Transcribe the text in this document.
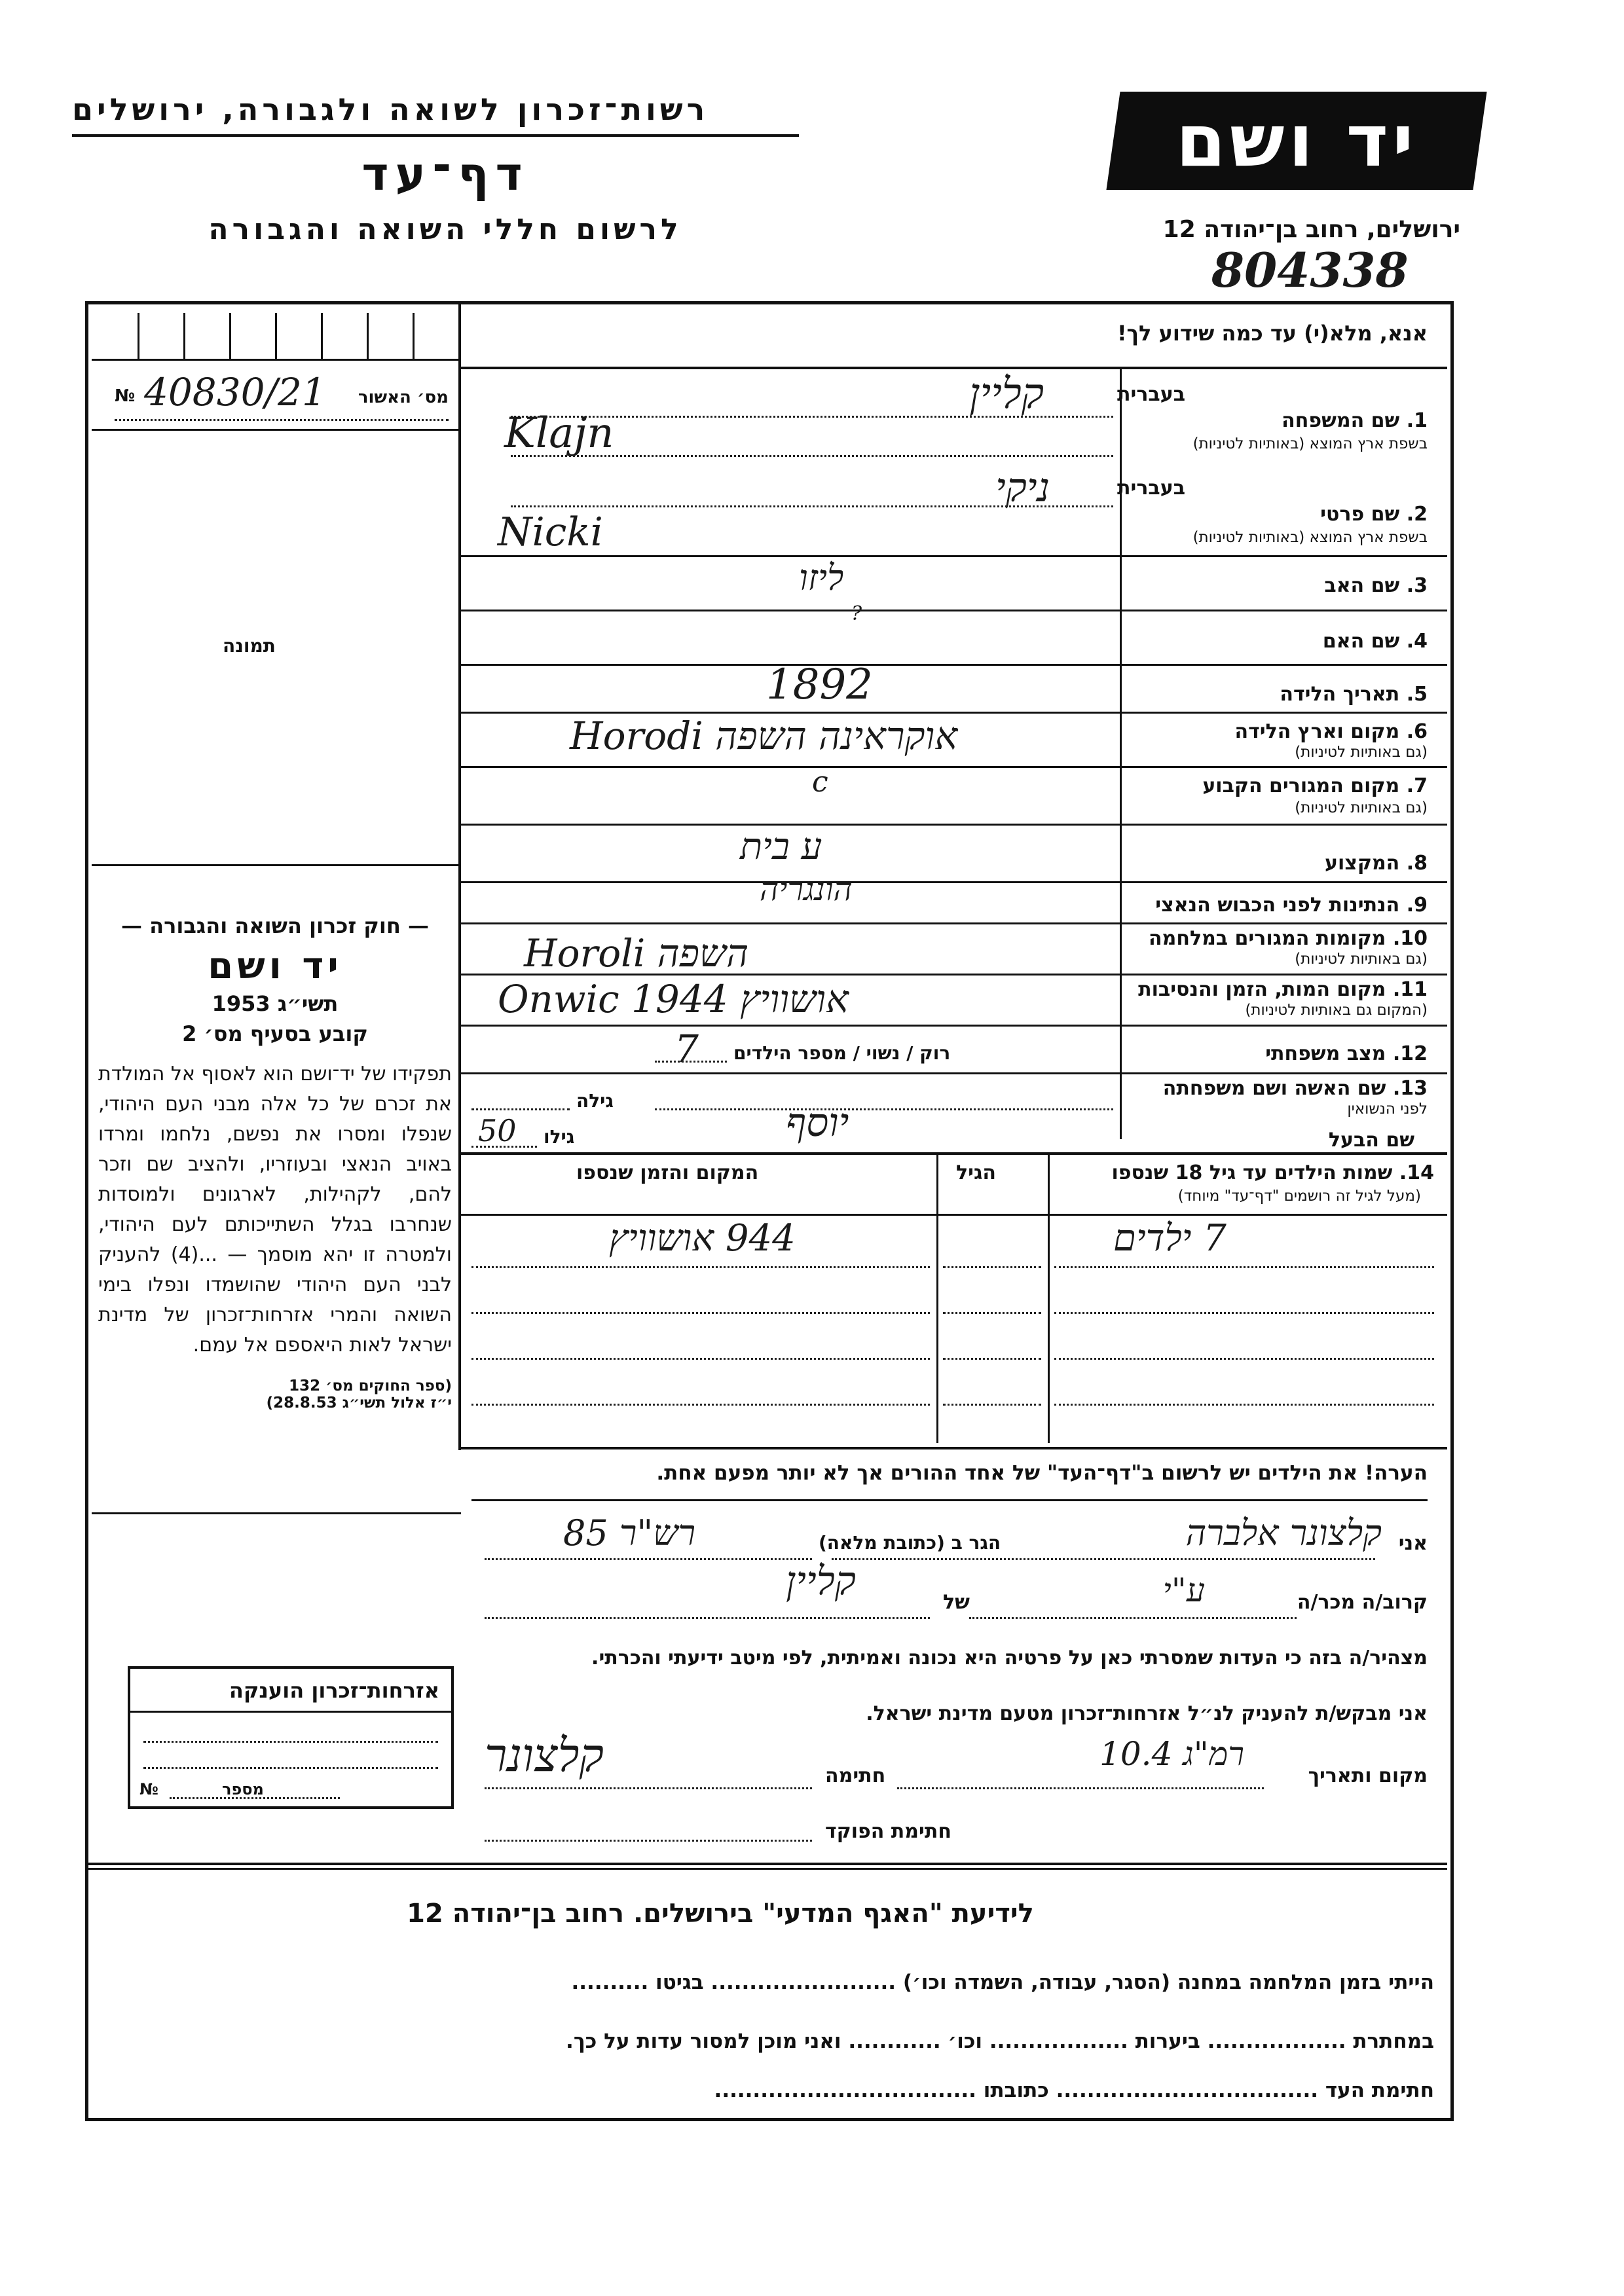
רשות־זכרון לשואה ולגבורה, ירושלים
דף־עד
לרשום חללי השואה והגבורה
יד ושם
ירושלים, רחוב בן־יהודה 12
804338
№ 40830/21 מס׳ האשור
תמונה
אנא, מלא(י) עד כמה שידוע לך!
בעברית
1. שם המשפחה
בשפת ארץ המוצא (באותיות לטיניות)
קליין
Klajn
בעברית
2. שם פרטי
בשפת ארץ המוצא (באותיות לטיניות)
ניקי
Nicki
3. שם האב
ליזו
4. שם האם
?
5. תאריך הלידה
1892
6. מקום וארץ הלידה
(גם באותיות לטיניות)
Horodi אוקראינה השפה
7. מקום המגורים הקבוע
(גם באותיות לטיניות)
c
8. המקצוע
ע בית
9. הנתינות לפני הכבוש הנאצי
הונגריה
10. מקומות המגורים במלחמה
(גם באותיות לטיניות)
Horoli השפה
11. מקום המות, הזמן והנסיבות
(המקום גם באותיות לטיניות)
Onwic 1944 אושוויץ
12. מצב משפחתי
רוק / נשוי / מספר הילדים
7
13. שם האשה ושם משפחתה
לפני הנשואין
גילה
שם הבעל
יוסף
גילו
50
14. שמות הילדים עד גיל 18 שנספו
(מעל לגיל זה רושמים "דף־עד" מיוחד)
הגיל
המקום והזמן שנספו
7 ילדים
944 אושוויץ
— חוק זכרון השואה והגבורה —
יד ושם
תשי״ג 1953
קובע בסעיף מס׳ 2
תפקידו של יד־ושם הוא לאסוף אל המולדת את זכרם של כל אלה מבני העם היהודי, שנפלו ומסרו את נפשם, נלחמו ומרדו באויב הנאצי ובעוזריו, ולהציב שם וזכר להם, לקהילות, לארגונים ולמוסדות שנחרבו בגלל השתייכותם לעם היהודי, ולמטרה זו יהא מוסמך — ...(4) להעניק לבני העם היהודי שהושמדו ונפלו בימי השואה והמרי אזרחות־זכרון של מדינת ישראל לאות היאספם אל עמם.
(ספר החוקים מס׳ 132
י״ז אלול תשי״ג 28.8.53)
הערה! את הילדים יש לרשום ב"דף־העד" של אחד ההורים אך לא יותר מפעם אחת.
אני
קלצונר אלברה
הגר ב (כתובת מלאה)
רש"ר 85
קרוב/ה מכר/ה
ע"י
של
קליין
מצהיר/ה בזה כי העדות שמסרתי כאן על פרטיה היא נכונה ואמיתית, לפי מיטב ידיעתי והכרתי.
אני מבקש/ת להעניק לנ״ל אזרחות־זכרון מטעם מדינת ישראל.
מקום ותאריך
רמ"ג 10.4
חתימה
קלצונר
חתימת הפוקד
אזרחות־זכרון הוענקה
№	מספר
לידיעת "האגף המדעי" בירושלים. רחוב בן־יהודה 12
הייתי בזמן המלחמה במחנה (הסגר, עבודה, השמדה וכו׳) ........................ בגיטו ..........
במחתרת .................. ביערות .................. וכו׳ ............ ואני מוכן למסור עדות על כך.
חתימת העד .................................. כתובתו ..................................
